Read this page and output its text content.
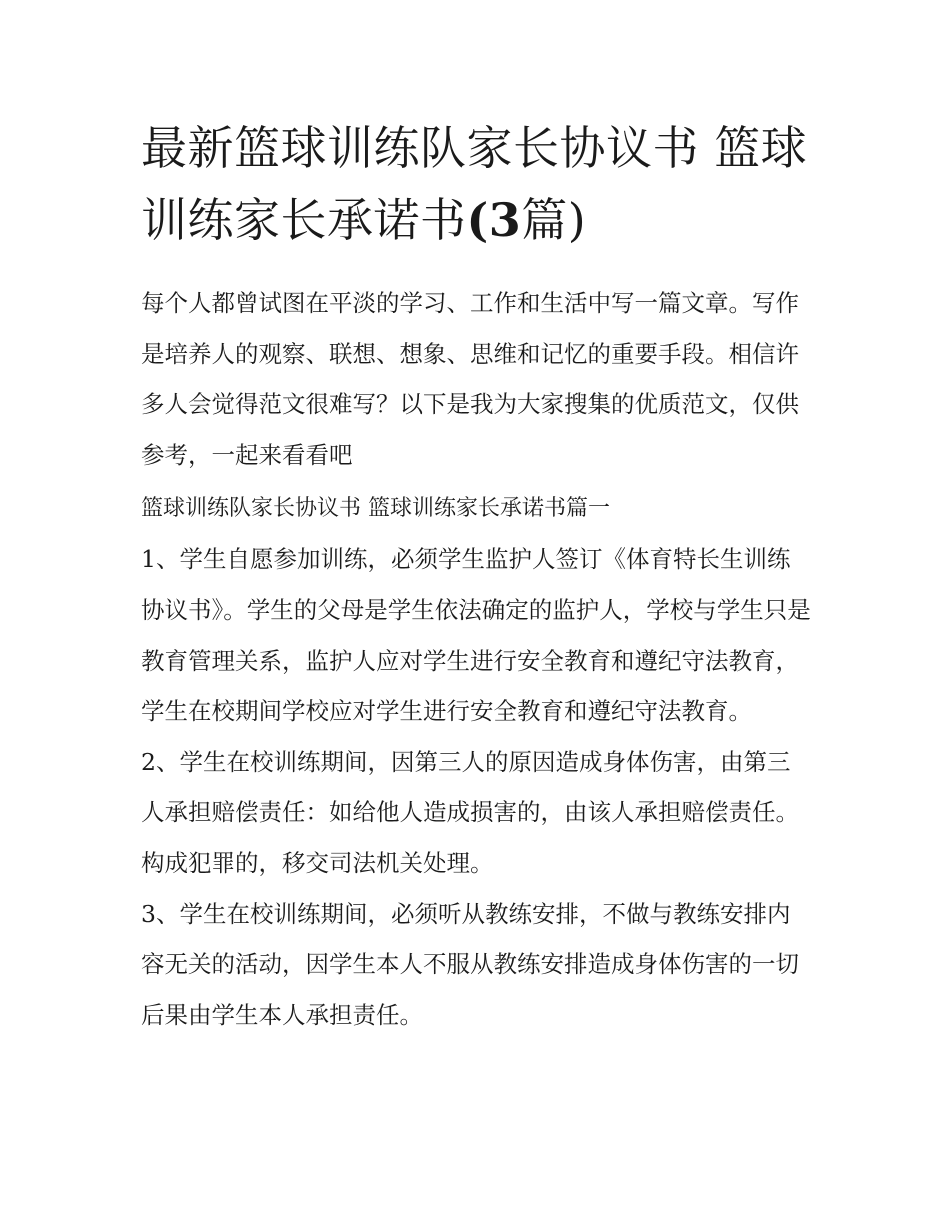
最新篮球训练队家长协议书 篮球训练家长承诺书(3篇)

每个人都曾试图在平淡的学习、工作和生活中写一篇文章。写作是培养人的观察、联想、想象、思维和记忆的重要手段。相信许多人会觉得范文很难写？以下是我为大家搜集的优质范文，仅供参考，一起来看看吧

篮球训练队家长协议书 篮球训练家长承诺书篇一

1、学生自愿参加训练，必须学生监护人签订《体育特长生训练协议书》。学生的父母是学生依法确定的监护人，学校与学生只是教育管理关系，监护人应对学生进行安全教育和遵纪守法教育，学生在校期间学校应对学生进行安全教育和遵纪守法教育。

2、学生在校训练期间，因第三人的原因造成身体伤害，由第三人承担赔偿责任：如给他人造成损害的，由该人承担赔偿责任。构成犯罪的，移交司法机关处理。

3、学生在校训练期间，必须听从教练安排，不做与教练安排内容无关的活动，因学生本人不服从教练安排造成身体伤害的一切后果由学生本人承担责任。
